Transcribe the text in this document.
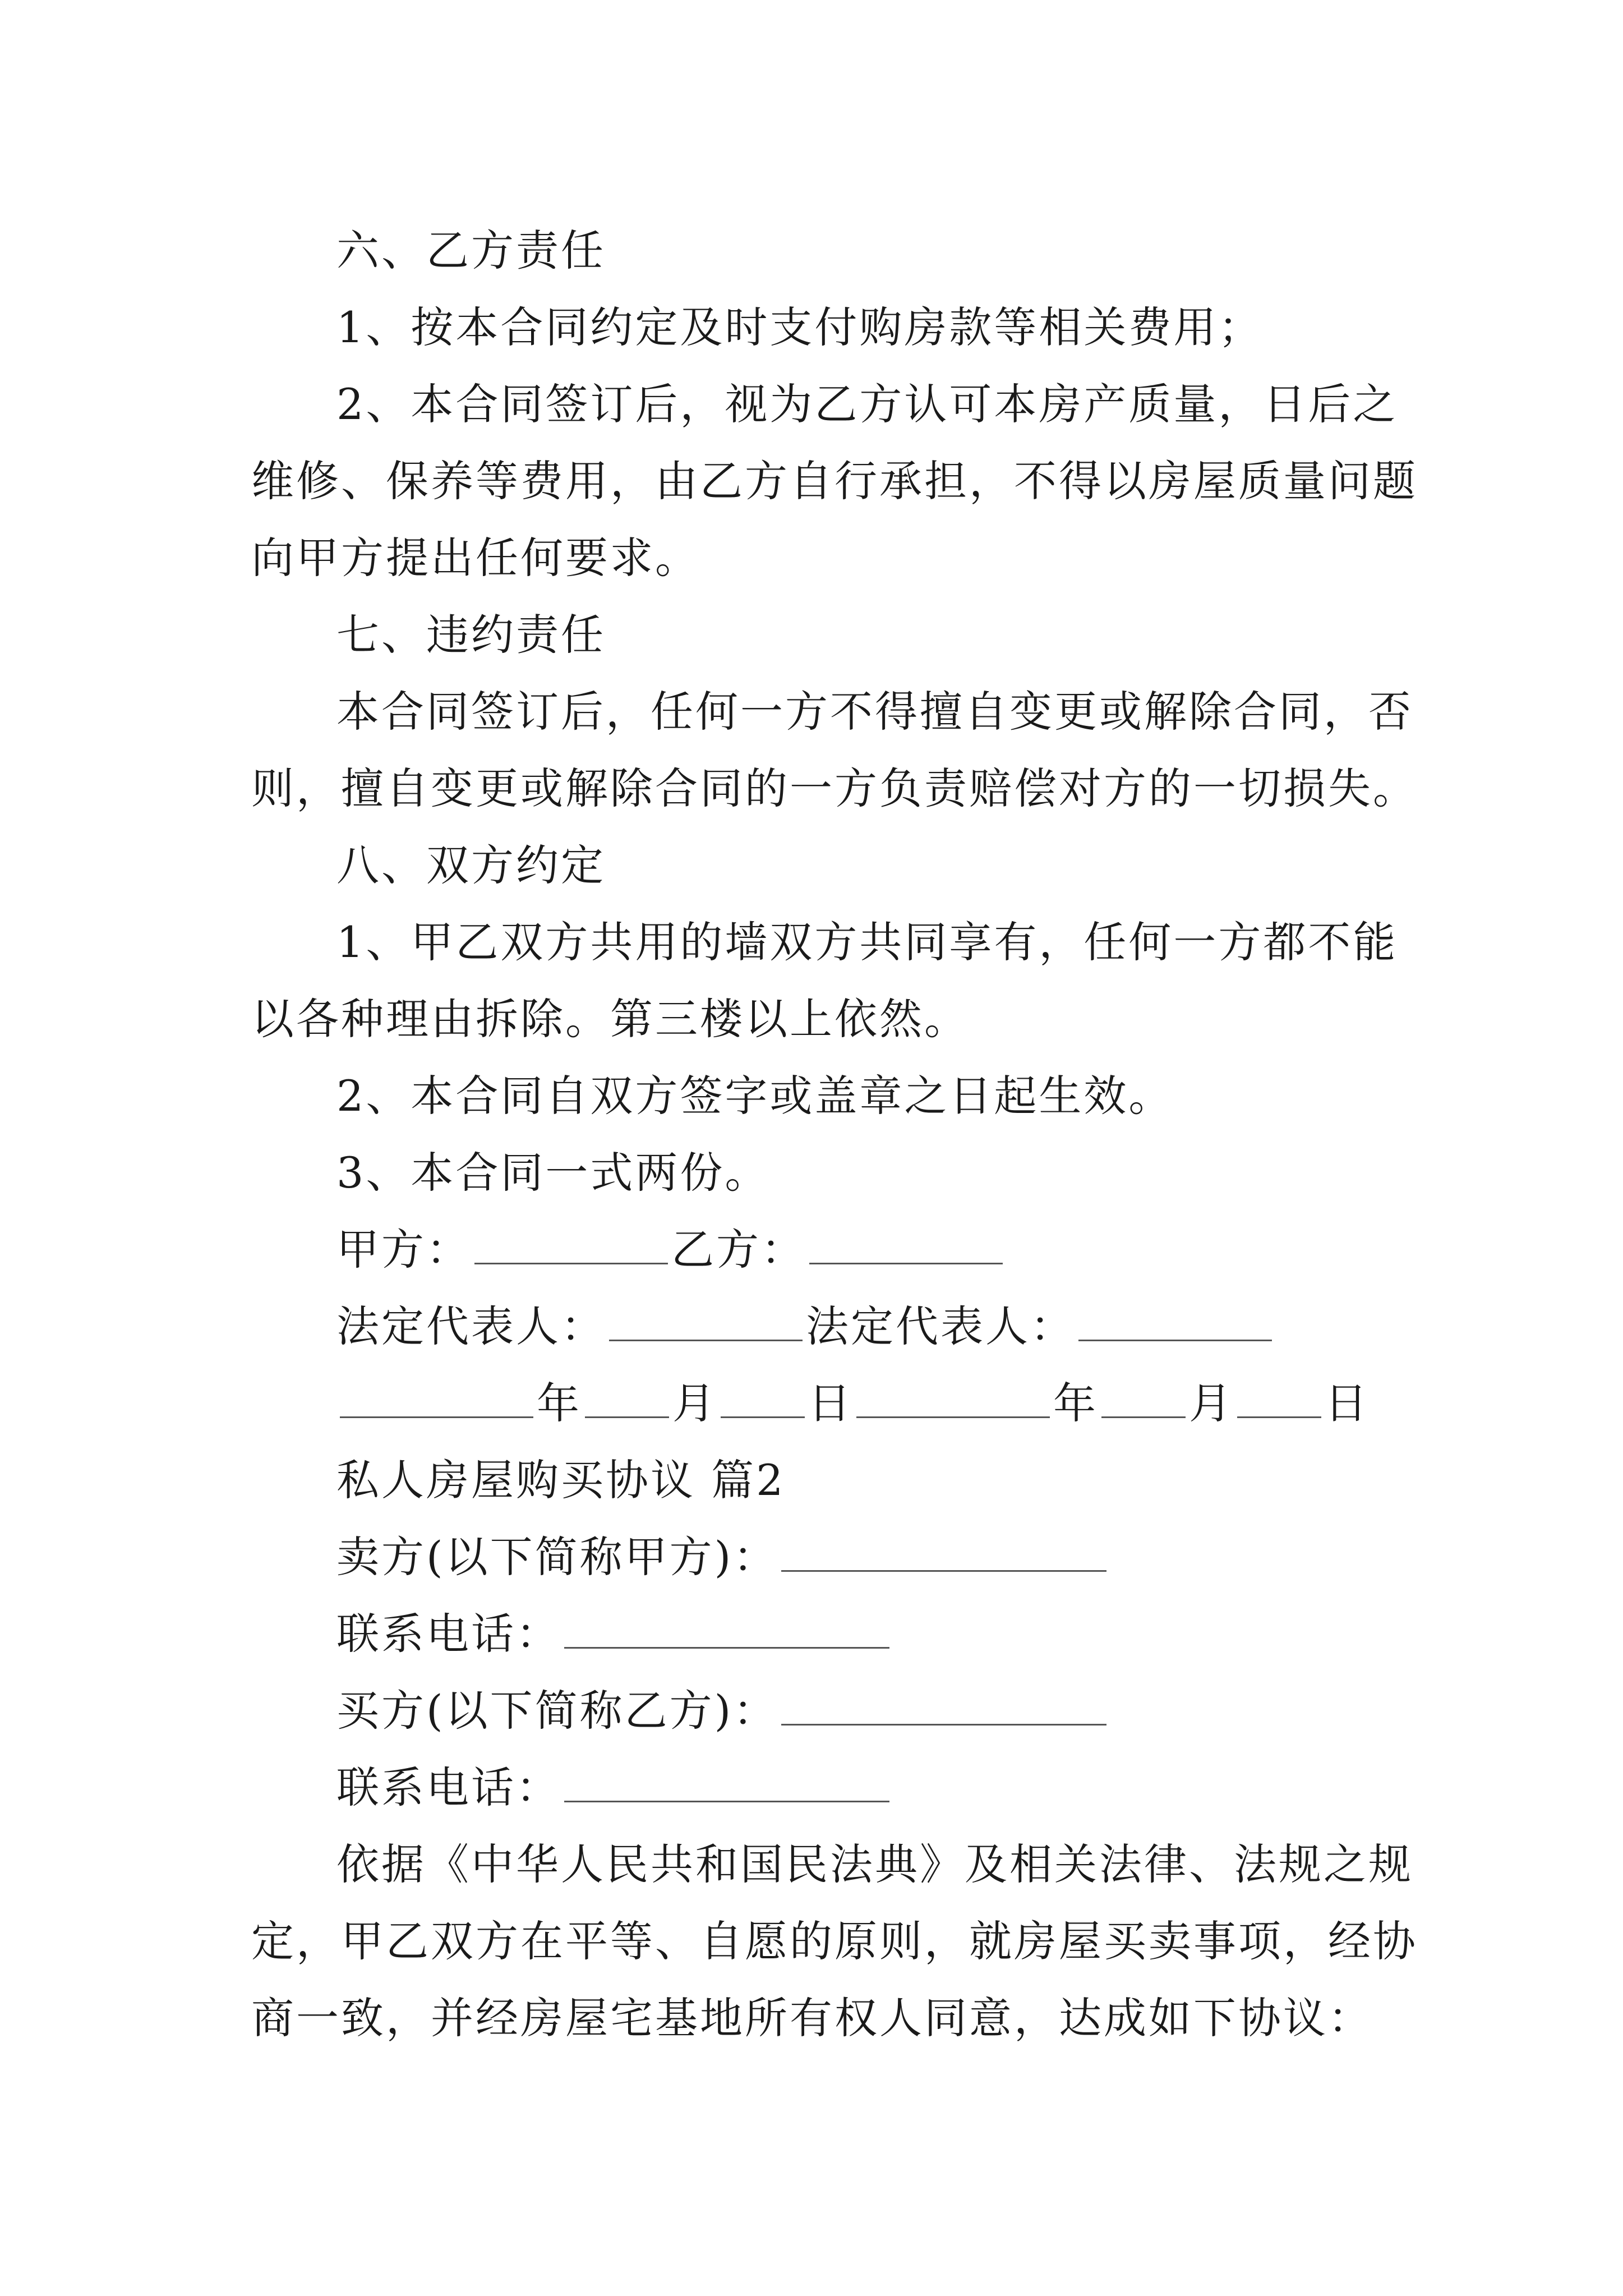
六、乙方责任

1、按本合同约定及时支付购房款等相关费用；

2、本合同签订后，视为乙方认可本房产质量，日后之

维修、保养等费用，由乙方自行承担，不得以房屋质量问题

向甲方提出任何要求。

七、违约责任

本合同签订后，任何一方不得擅自变更或解除合同，否

则，擅自变更或解除合同的一方负责赔偿对方的一切损失。

八、双方约定

1、甲乙双方共用的墙双方共同享有，任何一方都不能

以各种理由拆除。第三楼以上依然。

2、本合同自双方签字或盖章之日起生效。

3、本合同一式两份。

甲方：	乙方：

法定代表人：	法定代表人：

年 月 日	年 月 日

私人房屋购买协议 篇2

卖方(以下简称甲方)：

联系电话：

买方(以下简称乙方)：

联系电话：

依据《中华人民共和国民法典》及相关法律、法规之规

定，甲乙双方在平等、自愿的原则，就房屋买卖事项，经协

商一致，并经房屋宅基地所有权人同意，达成如下协议：
